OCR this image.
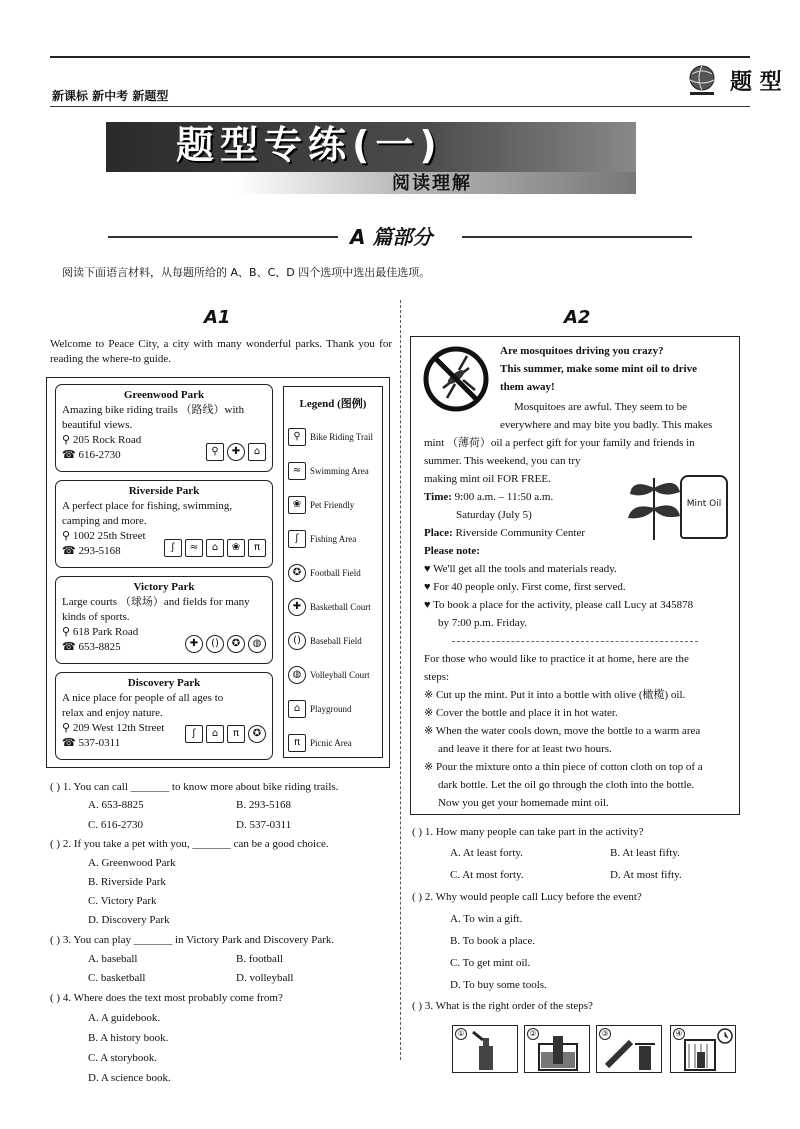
新课标 新中考 新题型
题 型
题型专练(一)
阅读理解
A 篇部分
阅读下面语言材料，从每题所给的 A、B、C、D 四个选项中选出最佳选项。
A1
Welcome to Peace City, a city with many wonderful parks. Thank you for reading the where-to guide.
Greenwood Park
Amazing bike riding trails （路线）with
beautiful views.
⚲ 205 Rock Road
☎ 616-2730	⚲	✚	⌂
Riverside Park
A perfect place for fishing, swimming,
camping and more.
⚲ 1002 25th Street
☎ 293-5168	ʃ	≈	⌂	❀	π
Victory Park
Large courts （球场）and fields for many
kinds of sports.
⚲ 618 Park Road
☎ 653-8825	✚	()	✪	◍
Discovery Park
A nice place for people of all ages to
relax and enjoy nature.
⚲ 209 West 12th Street
☎ 537-0311
ʃ	⌂	π	✪
Legend (图例)
⚲	Bike Riding Trail
≈ Swimming Area
❀ Pet Friendly
ʃ	Fishing Area
✪ Football Field
✚ Basketball Court
()	Baseball Field
◍ Volleyball Court
⌂	Playground
π	Picnic Area
( ) 1. You can call _______ to know more about bike riding trails.
A. 653-8825	B. 293-5168
C. 616-2730	D. 537-0311
( ) 2. If you take a pet with you, _______ can be a good choice.
A. Greenwood Park
B. Riverside Park
C. Victory Park
D. Discovery Park
( ) 3. You can play _______ in Victory Park and Discovery Park.
A. baseball	B. football
C. basketball	D. volleyball
( ) 4. Where does the text most probably come from?
A. A guidebook.
B. A history book.
C. A storybook.
D. A science book.
A2
Are mosquitoes driving you crazy?
This summer, make some mint oil to drive
them away!
Mosquitoes are awful. They seem to be
everywhere and may bite you badly. This makes
mint （薄荷）oil a perfect gift for your family and friends in
summer. This weekend, you can try
making mint oil FOR FREE.
Time: 9:00 a.m. – 11:50 a.m.
Saturday (July 5)
Place: Riverside Community Center
Please note:
♥ We'll get all the tools and materials ready.
♥ For 40 people only. First come, first served.
♥ To book a place for the activity, please call Lucy at 345878
by 7:00 p.m. Friday.
Mint Oil
For those who would like to practice it at home, here are the
steps:
※ Cut up the mint. Put it into a bottle with olive (橄榄) oil.
※ Cover the bottle and place it in hot water.
※ When the water cools down, move the bottle to a warm area
and leave it there for at least two hours.
※ Pour the mixture onto a thin piece of cotton cloth on top of a
dark bottle. Let the oil go through the cloth into the bottle.
Now you get your homemade mint oil.
( ) 1. How many people can take part in the activity?
A. At least forty.	B. At least fifty.
C. At most forty.	D. At most fifty.
( ) 2. Why would people call Lucy before the event?
A. To win a gift.
B. To book a place.
C. To get mint oil.
D. To buy some tools.
( ) 3. What is the right order of the steps?
①	②	③	④
